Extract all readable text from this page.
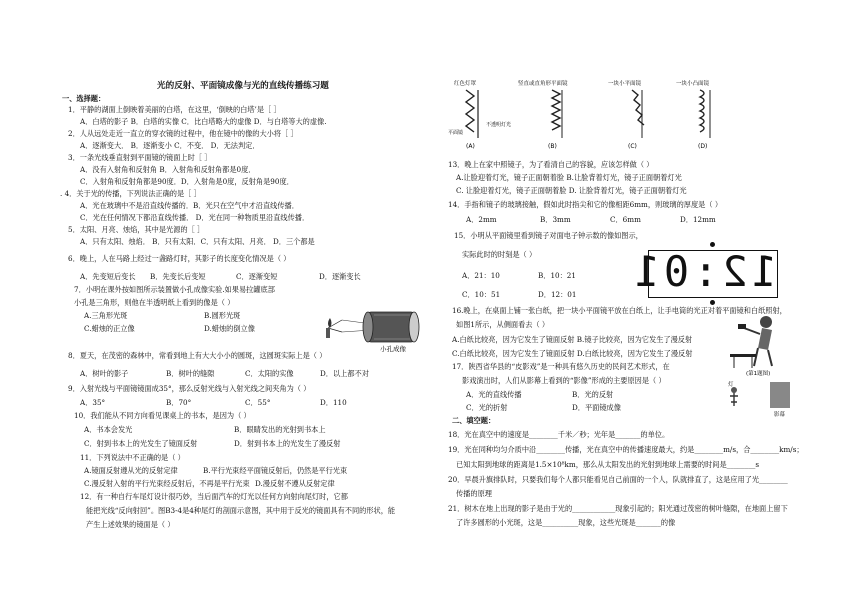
光的反射、平面镜成像与光的直线传播练习题
一、选择题：
1．平静的湖面上倒映着美丽的白塔，在这里，‘倒映的白塔’是［ ］
A．白塔的影子 B．白塔的实像 C．比白塔略大的虚像 D．与白塔等大的虚像.
2．人从远处走近一直立的穿衣镜的过程中，他在镜中的像的大小将［ ］
A．逐渐变大． B．逐渐变小 C．不变． D．无法判定．
3．一条光线垂直射到平面镜的镜面上时［ ］
A．没有入射角和反射角 B．入射角和反射角都是0度．
C．入射角和反射角都是90度．D．入射角是0度，反射角是90度．
. 4．关于光的传播，下列说法正确的是［ ］
A．光在玻璃中不是沿直线传播的．B．光只在空气中才沿直线传播．
C．光在任何情况下都沿直线传播． D．光在同一种物质里沿直线传播．
5．太阳、月亮、烛焰，其中是光源的［ ］
A．只有太阳、烛焰． B．只有太阳．C．只有太阳、月亮． D．三个都是
6．晚上，人在马路上经过一盏路灯时，其影子的长度变化情况是（ ）
A．先变短后变长 B．先变长后变短	C．逐渐变短	D．逐渐变长
7．小明在课外按如图所示装置做小孔成像实验.如果易拉罐底部
小孔是三角形，则他在半透明纸上看到的像是（ ）
A.三角形光斑	B.圆形光斑
C.蜡烛的正立像	D.蜡烛的倒立像
小孔成像
8．夏天，在茂密的森林中，常看到地上有大大小小的圆斑，这圆斑实际上是（ ）
A．树叶的影子	B．树叶的缝隙	C．太阳的实像	D．以上都不对
9．入射光线与平面镜镜面成35°，那么反射光线与入射光线之间夹角为（ ）
A．35°	B．70°	C．55°	D．110
10．我们能从不同方向看见课桌上的书本，是因为（ ）
A．书本会发光	B．眼睛发出的光射到书本上
C．射到书本上的光发生了镜面反射	D．射到书本上的光发生了漫反射
11．下列说法中不正确的是（ ）
A.镜面反射遵从光的反射定律	B.平行光束经平面镜反射后，仍然是平行光束
C.漫反射入射的平行光束经反射后，不再是平行光束 D.漫反射不遵从反射定律
12．有一种自行车尾灯设计很巧妙，当后面汽车的灯光以任何方向射向尾灯时，它都
能把光线“反向射回”。图B3-4是4种尾灯的剖面示意图，其中用于反光的镜面具有不同的形状，能
产生上述效果的镜面是（ ）
红色灯罩
平面镜
不透明灯光
(A)
竖直或直角形平面镜
(B)
一块小平面镜
(C)
一块小凸面镜
(D)
13．晚上在家中照镜子，为了看清自己的容貌，应该怎样做（ ）
A.让脸迎着灯光，镜子正面朝着脸 B.让脸背着灯光，镜子正面朝着灯光
C. 让脸迎着灯光，镜子正面朝着脸 D. 让脸背着灯光，镜子正面朝着灯光
14．手指和镜子的玻璃接触，假如此时指尖和它的像相距6mm，则玻璃的厚度是（ ）
A．2mm	B．3mm	C．6mm	D．12mm
15．小明从平面镜里看到镜子对面电子钟示数的像如图示，
实际此时的时刻是（ ）
A．21：10	B．10：21
C．10：51	D．12：01 12:01
16.晚上，在桌面上铺一张白纸，把一块小平面镜平放在白纸上，让手电筒的光正对着平面镜和白纸照射，
如图1所示，从侧面看去（ ）
A.白纸比较亮，因为它发生了镜面反射 B.镜子比较亮，因为它发生了漫反射
C.白纸比较亮，因为它发生了镜面反射 D.白纸比较亮，因为它发生了漫反射
17．陕西省华县的“皮影戏”是一种具有悠久历史的民间艺术形式，在
影戏演出时，人们从影幕上看到的“影像”形成的主要原因是（ ）
A．光的直线传播	B．光的反射
C．光的折射	D．平面镜成像
(第1题图)
灯
影幕
二、填空题：
18．光在真空中的速度是________千米／秒；光年是_______的单位。
19．光在同种均匀介质中沿________传播，光在真空中的传播速度最大，约是________m/s，合________km/s；
已知太阳到地球的距离是1.5×10⁸km，那么从太阳发出的光射到地球上需要的时间是________s
20．早晨升旗排队时，只要我们每个人都只能看见自己前面的一个人，队就排直了，这是应用了光________
传播的原理
21．树木在地上出现的影子是由于光的____________现象引起的；阳光通过茂密的树叶缝隙，在地面上留下
了许多圆形的小光斑，这是__________现象，这些光斑是_______的像
